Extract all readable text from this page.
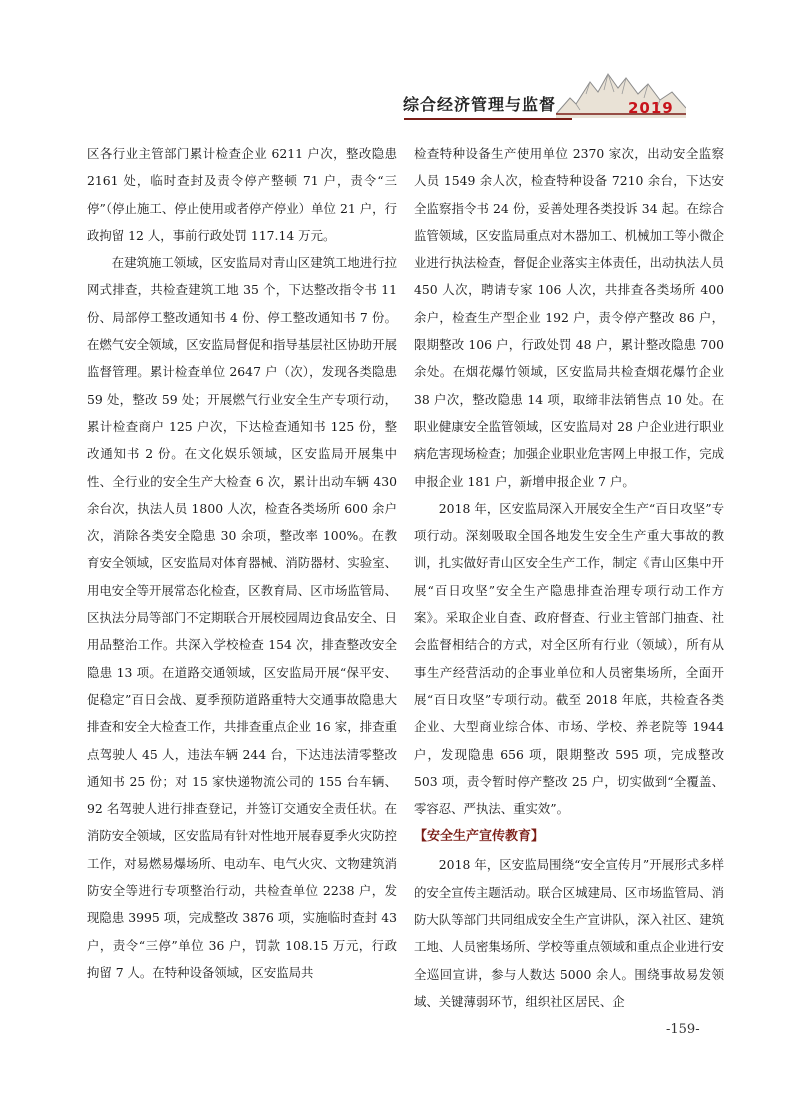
综合经济管理与监督	2019

区各行业主管部门累计检查企业 6211 户次，整改隐患 2161 处，临时查封及责令停产整顿 71 户，责令“三停”（停止施工、停止使用或者停产停业）单位 21 户，行政拘留 12 人，事前行政处罚 117.14 万元。

在建筑施工领域，区安监局对青山区建筑工地进行拉网式排查，共检查建筑工地 35 个，下达整改指令书 11 份、局部停工整改通知书 4 份、停工整改通知书 7 份。在燃气安全领域，区安监局督促和指导基层社区协助开展监督管理。累计检查单位 2647 户（次），发现各类隐患 59 处，整改 59 处；开展燃气行业安全生产专项行动，累计检查商户 125 户次，下达检查通知书 125 份，整改通知书 2 份。在文化娱乐领域，区安监局开展集中性、全行业的安全生产大检查 6 次，累计出动车辆 430 余台次，执法人员 1800 人次，检查各类场所 600 余户次，消除各类安全隐患 30 余项，整改率 100%。在教育安全领域，区安监局对体育器械、消防器材、实验室、用电安全等开展常态化检查，区教育局、区市场监管局、区执法分局等部门不定期联合开展校园周边食品安全、日用品整治工作。共深入学校检查 154 次，排查整改安全隐患 13 项。在道路交通领域，区安监局开展“保平安、促稳定”百日会战、夏季预防道路重特大交通事故隐患大排查和安全大检查工作，共排查重点企业 16 家，排查重点驾驶人 45 人，违法车辆 244 台，下达违法清零整改通知书 25 份；对 15 家快递物流公司的 155 台车辆、92 名驾驶人进行排查登记，并签订交通安全责任状。在消防安全领域，区安监局有针对性地开展春夏季火灾防控工作，对易燃易爆场所、电动车、电气火灾、文物建筑消防安全等进行专项整治行动，共检查单位 2238 户，发现隐患 3995 项，完成整改 3876 项，实施临时查封 43 户，责令“三停”单位 36 户，罚款 108.15 万元，行政拘留 7 人。在特种设备领域，区安监局共

检查特种设备生产使用单位 2370 家次，出动安全监察人员 1549 余人次，检查特种设备 7210 余台，下达安全监察指令书 24 份，妥善处理各类投诉 34 起。在综合监管领域，区安监局重点对木器加工、机械加工等小微企业进行执法检查，督促企业落实主体责任，出动执法人员 450 人次，聘请专家 106 人次，共排查各类场所 400 余户，检查生产型企业 192 户，责令停产整改 86 户，限期整改 106 户，行政处罚 48 户，累计整改隐患 700 余处。在烟花爆竹领域，区安监局共检查烟花爆竹企业 38 户次，整改隐患 14 项，取缔非法销售点 10 处。在职业健康安全监管领域，区安监局对 28 户企业进行职业病危害现场检查；加强企业职业危害网上申报工作，完成申报企业 181 户，新增申报企业 7 户。

2018 年，区安监局深入开展安全生产“百日攻坚”专项行动。深刻吸取全国各地发生安全生产重大事故的教训，扎实做好青山区安全生产工作，制定《青山区集中开展“百日攻坚”安全生产隐患排查治理专项行动工作方案》。采取企业自查、政府督查、行业主管部门抽查、社会监督相结合的方式，对全区所有行业（领域），所有从事生产经营活动的企事业单位和人员密集场所，全面开展“百日攻坚”专项行动。截至 2018 年底，共检查各类企业、大型商业综合体、市场、学校、养老院等 1944 户，发现隐患 656 项，限期整改 595 项，完成整改 503 项，责令暂时停产整改 25 户，切实做到“全覆盖、零容忍、严执法、重实效”。

【安全生产宣传教育】

2018 年，区安监局围绕“安全宣传月”开展形式多样的安全宣传主题活动。联合区城建局、区市场监管局、消防大队等部门共同组成安全生产宣讲队，深入社区、建筑工地、人员密集场所、学校等重点领域和重点企业进行安全巡回宣讲，参与人数达 5000 余人。围绕事故易发领域、关键薄弱环节，组织社区居民、企

-159-
